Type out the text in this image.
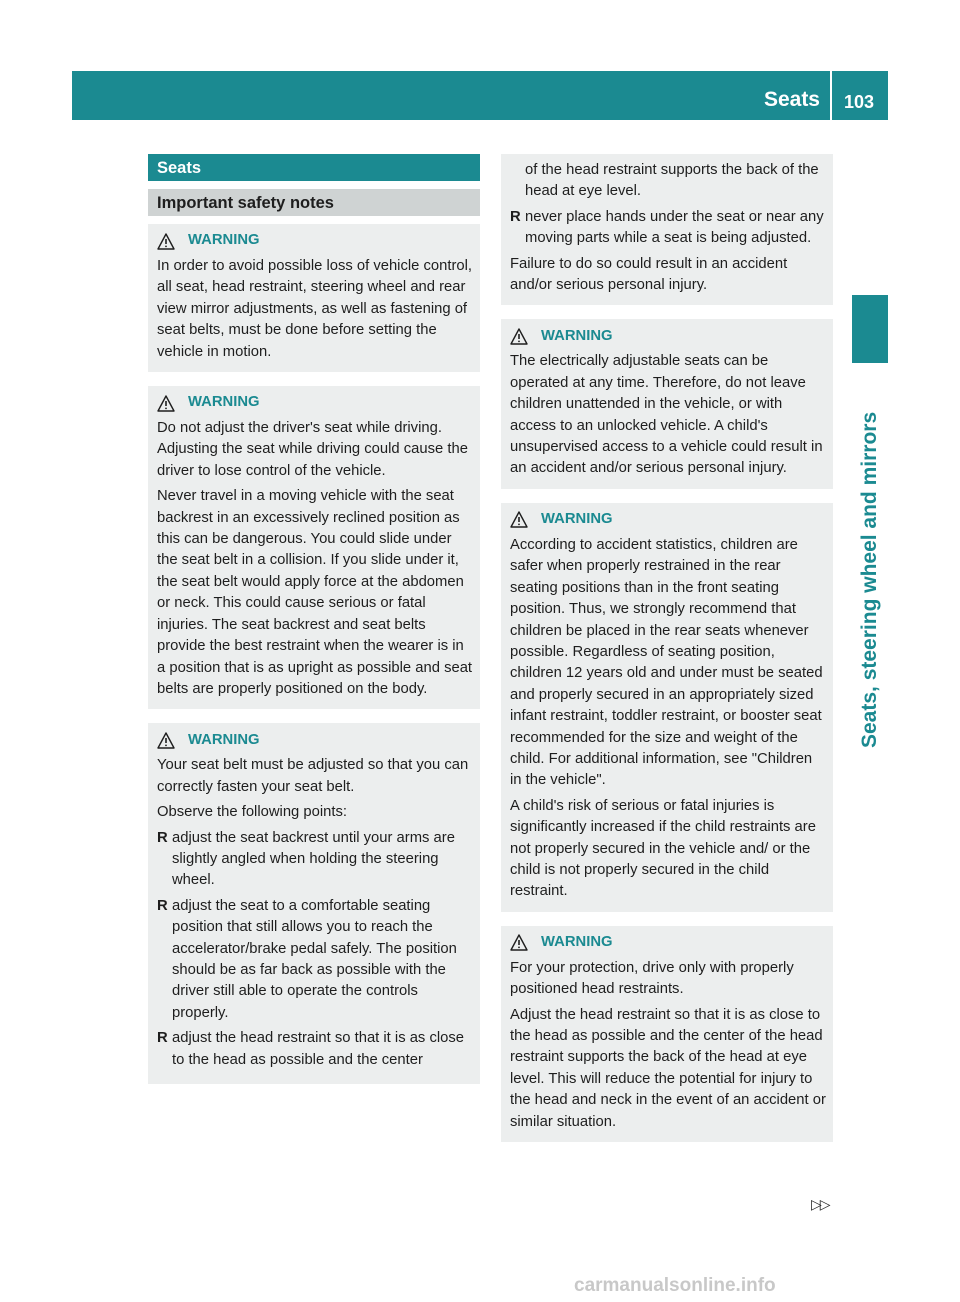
Seats	103
Seats, steering wheel and mirrors
Seats
Important safety notes
WARNING

In order to avoid possible loss of vehicle control, all seat, head restraint, steering wheel and rear view mirror adjustments, as well as fastening of seat belts, must be done before setting the vehicle in motion.

WARNING

Do not adjust the driver's seat while driving. Adjusting the seat while driving could cause the driver to lose control of the vehicle.

Never travel in a moving vehicle with the seat backrest in an excessively reclined position as this can be dangerous. You could slide under the seat belt in a collision. If you slide under it, the seat belt would apply force at the abdomen or neck. This could cause serious or fatal injuries. The seat backrest and seat belts provide the best restraint when the wearer is in a position that is as upright as possible and seat belts are properly positioned on the body.

WARNING

Your seat belt must be adjusted so that you can correctly fasten your seat belt.

Observe the following points:

R adjust the seat backrest until your arms are slightly angled when holding the steering wheel.
R adjust the seat to a comfortable seating position that still allows you to reach the accelerator/brake pedal safely. The position should be as far back as possible with the driver still able to operate the controls properly.
R adjust the head restraint so that it is as close to the head as possible and the center

of the head restraint supports the back of the head at eye level.

R never place hands under the seat or near any moving parts while a seat is being adjusted.

Failure to do so could result in an accident and/or serious personal injury.

WARNING

The electrically adjustable seats can be operated at any time. Therefore, do not leave children unattended in the vehicle, or with access to an unlocked vehicle. A child's unsupervised access to a vehicle could result in an accident and/or serious personal injury.

WARNING

According to accident statistics, children are safer when properly restrained in the rear seating positions than in the front seating position. Thus, we strongly recommend that children be placed in the rear seats whenever possible. Regardless of seating position, children 12 years old and under must be seated and properly secured in an appropriately sized infant restraint, toddler restraint, or booster seat recommended for the size and weight of the child. For additional information, see "Children in the vehicle".

A child's risk of serious or fatal injuries is significantly increased if the child restraints are not properly secured in the vehicle and/ or the child is not properly secured in the child restraint.

WARNING

For your protection, drive only with properly positioned head restraints.

Adjust the head restraint so that it is as close to the head as possible and the center of the head restraint supports the back of the head at eye level. This will reduce the potential for injury to the head and neck in the event of an accident or similar situation.

▷▷
carmanualsonline.info
